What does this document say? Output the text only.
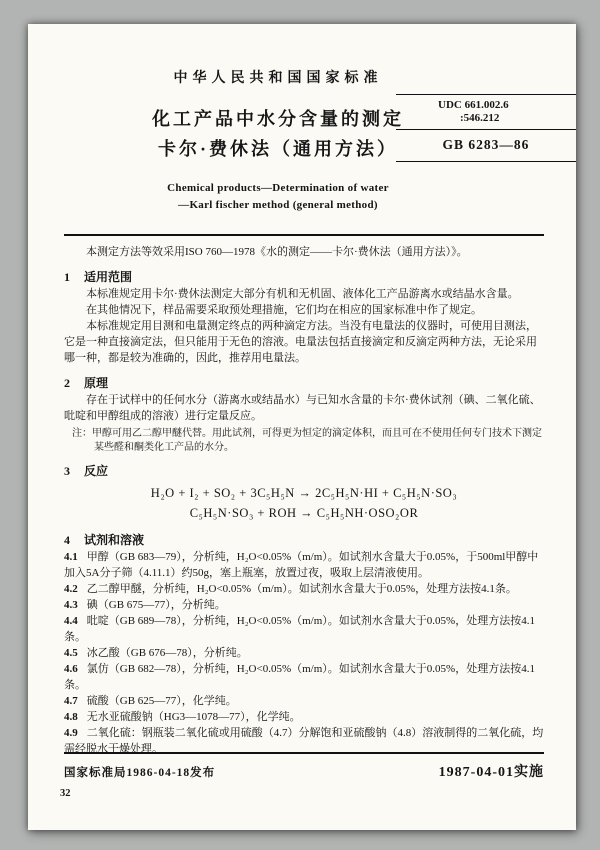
中华人民共和国国家标准
化工产品中水分含量的测定
卡尔·费休法（通用方法）
Chemical products—Determination of water
—Karl fischer method (general method)
UDC 661.002.6
:546.212
GB 6283—86

本测定方法等效采用ISO 760—1978《水的测定——卡尔·费休法（通用方法）》。

1 适用范围

本标准规定用卡尔·费休法测定大部分有机和无机固、液体化工产品游离水或结晶水含量。

在其他情况下，样品需要采取预处理措施，它们均在相应的国家标准中作了规定。

本标准规定用目测和电量测定终点的两种滴定方法。当没有电量法的仪器时，可使用目测法，它是一种直接滴定法，但只能用于无色的溶液。电量法包括直接滴定和反滴定两种方法，无论采用哪一种，都是较为准确的，因此，推荐用电量法。

2 原理

存在于试样中的任何水分（游离水或结晶水）与已知水含量的卡尔·费休试剂（碘、二氧化硫、吡啶和甲醇组成的溶液）进行定量反应。

注：甲醇可用乙二醇甲醚代替。用此试剂，可得更为恒定的滴定体积，而且可在不使用任何专门技术下测定某些醛和酮类化工产品的水分。

3 反应
H₂O + I₂ + SO₂ + 3C₅H₅N → 2C₅H₅N·HI + C₅H₅N·SO₃
C₅H₅N·SO₃ + ROH → C₅H₅NH·OSO₂OR
4 试剂和溶液

4.1 甲醇（GB 683—79），分析纯，H₂O<0.05%（m/m）。如试剂水含量大于0.05%，于500ml甲醇中加入5A分子筛（4.11.1）约50g，塞上瓶塞，放置过夜，吸取上层清液使用。

4.2 乙二醇甲醚，分析纯，H₂O<0.05%（m/m）。如试剂水含量大于0.05%，处理方法按4.1条。

4.3 碘（GB 675—77），分析纯。

4.4 吡啶（GB 689—78），分析纯，H₂O<0.05%（m/m）。如试剂水含量大于0.05%，处理方法按4.1条。

4.5 冰乙酸（GB 676—78），分析纯。

4.6 氯仿（GB 682—78），分析纯，H₂O<0.05%（m/m）。如试剂水含量大于0.05%，处理方法按4.1条。

4.7 硫酸（GB 625—77），化学纯。

4.8 无水亚硫酸钠（HG3—1078—77），化学纯。

4.9 二氧化硫：钢瓶装二氧化硫或用硫酸（4.7）分解饱和亚硫酸钠（4.8）溶液制得的二氧化硫，均需经脱水干燥处理。

国家标准局1986-04-18发布	1987-04-01实施
32
